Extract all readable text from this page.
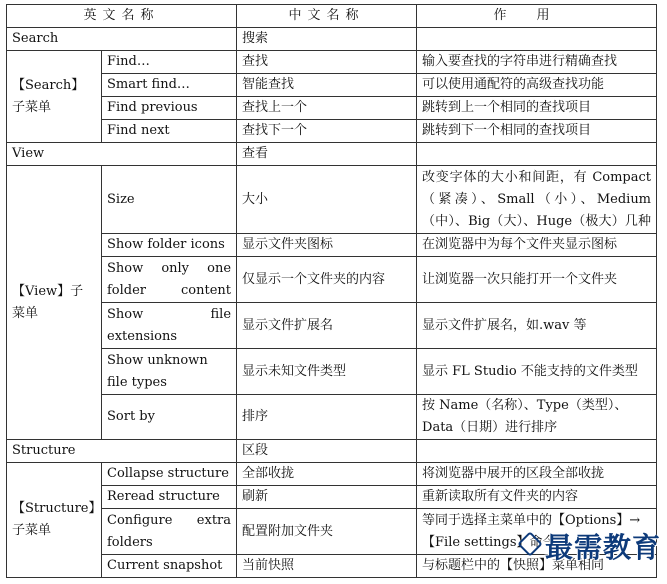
英文名称		中文名称	作用
Search		搜索	
【Search】子菜单	Find…	查找	输入要查找的字符串进行精确查找
	Smart find…	智能查找	可以使用通配符的高级查找功能
	Find previous	查找上一个	跳转到上一个相同的查找项目
	Find next	查找下一个	跳转到下一个相同的查找项目
View		查看	
【View】子菜单	Size	大小	改变字体的大小和间距，有 Compact（紧凑）、Small（小）、Medium（中）、Big（大）、Huge（极大）几种
	Show folder icons	显示文件夹图标	在浏览器中为每个文件夹显示图标
	Show only one folder content	仅显示一个文件夹的内容	让浏览器一次只能打开一个文件夹
	Show file extensions	显示文件扩展名	显示文件扩展名，如.wav 等
	Show unknown file types	显示未知文件类型	显示 FL Studio 不能支持的文件类型
	Sort by	排序	按 Name（名称）、Type（类型）、Data（日期）进行排序
Structure		区段	
【Structure】子菜单	Collapse structure	全部收拢	将浏览器中展开的区段全部收拢
	Reread structure	刷新	重新读取所有文件夹的内容
	Configure extra folders	配置附加文件夹	等同于选择主菜单中的【Options】→【File settings】命令
	Current snapshot	当前快照	与标题栏中的【快照】菜单相同
最需教育
